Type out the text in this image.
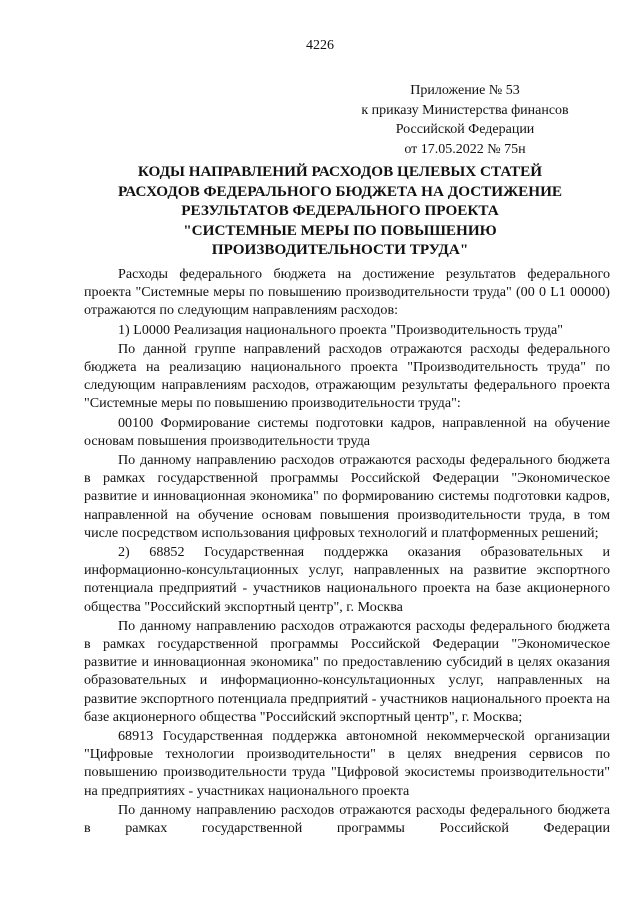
4226
Приложение № 53
к приказу Министерства финансов
Российской Федерации
от 17.05.2022 № 75н
КОДЫ НАПРАВЛЕНИЙ РАСХОДОВ ЦЕЛЕВЫХ СТАТЕЙ
РАСХОДОВ ФЕДЕРАЛЬНОГО БЮДЖЕТА НА ДОСТИЖЕНИЕ
РЕЗУЛЬТАТОВ ФЕДЕРАЛЬНОГО ПРОЕКТА
"СИСТЕМНЫЕ МЕРЫ ПО ПОВЫШЕНИЮ
ПРОИЗВОДИТЕЛЬНОСТИ ТРУДА"

Расходы федерального бюджета на достижение результатов федерального проекта "Системные меры по повышению производительности труда" (00 0 L1 00000) отражаются по следующим направлениям расходов:

1) L0000 Реализация национального проекта "Производительность труда"

По данной группе направлений расходов отражаются расходы федерального бюджета на реализацию национального проекта "Производительность труда" по следующим направлениям расходов, отражающим результаты федерального проекта "Системные меры по повышению производительности труда":

00100 Формирование системы подготовки кадров, направленной на обучение основам повышения производительности труда

По данному направлению расходов отражаются расходы федерального бюджета в рамках государственной программы Российской Федерации "Экономическое развитие и инновационная экономика" по формированию системы подготовки кадров, направленной на обучение основам повышения производительности труда, в том числе посредством использования цифровых технологий и платформенных решений;

2) 68852 Государственная поддержка оказания образовательных и информационно-консультационных услуг, направленных на развитие экспортного потенциала предприятий - участников национального проекта на базе акционерного общества "Российский экспортный центр", г. Москва

По данному направлению расходов отражаются расходы федерального бюджета в рамках государственной программы Российской Федерации "Экономическое развитие и инновационная экономика" по предоставлению субсидий в целях оказания образовательных и информационно-консультационных услуг, направленных на развитие экспортного потенциала предприятий - участников национального проекта на базе акционерного общества "Российский экспортный центр", г. Москва;

68913 Государственная поддержка автономной некоммерческой организации "Цифровые технологии производительности" в целях внедрения сервисов по повышению производительности труда "Цифровой экосистемы производительности" на предприятиях - участниках национального проекта

По данному направлению расходов отражаются расходы федерального бюджета в рамках государственной программы Российской Федерации
